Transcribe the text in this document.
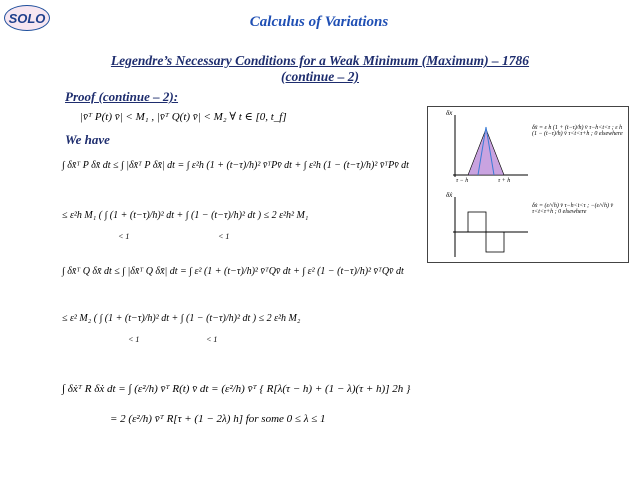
SOLO	Calculus of Variations
Legendre’s Necessary Conditions for a Weak Minimum (Maximum) – 1786
(continue – 2)
Proof (continue – 2):
|v̄ᵀ P(t) v̄| < M₁ , |v̄ᵀ Q(t) v̄| < M₂ ∀ t ∈ [0, t_f]
We have
∫ δx̄ᵀ P δx̄ dt ≤ ∫ |δx̄ᵀ P δx̄| dt = ∫ ε²h (1 + (t−τ)/h)² v̄ᵀPv̄ dt + ∫ ε²h (1 − (t−τ)/h)² v̄ᵀPv̄ dt
≤ ε²h M₁ ( ∫ (1 + (t−τ)/h)² dt + ∫ (1 − (t−τ)/h)² dt ) ≤ 2 ε²h² M₁
∫ δx̄ᵀ Q δx̄ dt ≤ ∫ |δx̄ᵀ Q δx̄| dt = ∫ ε² (1 + (t−τ)/h)² v̄ᵀQv̄ dt + ∫ ε² (1 − (t−τ)/h)² v̄ᵀQv̄ dt
≤ ε² M₂ ( ∫ (1 + (t−τ)/h)² dt + ∫ (1 − (t−τ)/h)² dt ) ≤ 2 ε²h M₂
∫ δẋᵀ R δẋ dt = ∫ (ε²/h) v̄ᵀ R(t) v̄ dt = (ε²/h) v̄ᵀ { R[λ(τ − h) + (1 − λ)(τ + h)] 2h }
= 2 (ε²/h) v̄ᵀ R[τ + (1 − 2λ) h] for some 0 ≤ λ ≤ 1
< 1	< 1
< 1	< 1
δx
τ − h	τ + h
δx̄ = ε h (1 + (t−τ)/h) v̄ τ−h<t<τ ; ε h (1 − (t−τ)/h) v̄ τ<t<τ+h ; 0 elsewhere
δẋ
δẋ = (ε/√h) v̄ τ−h<t<τ ; −(ε/√h) v̄ τ<t<τ+h ; 0 elsewhere
